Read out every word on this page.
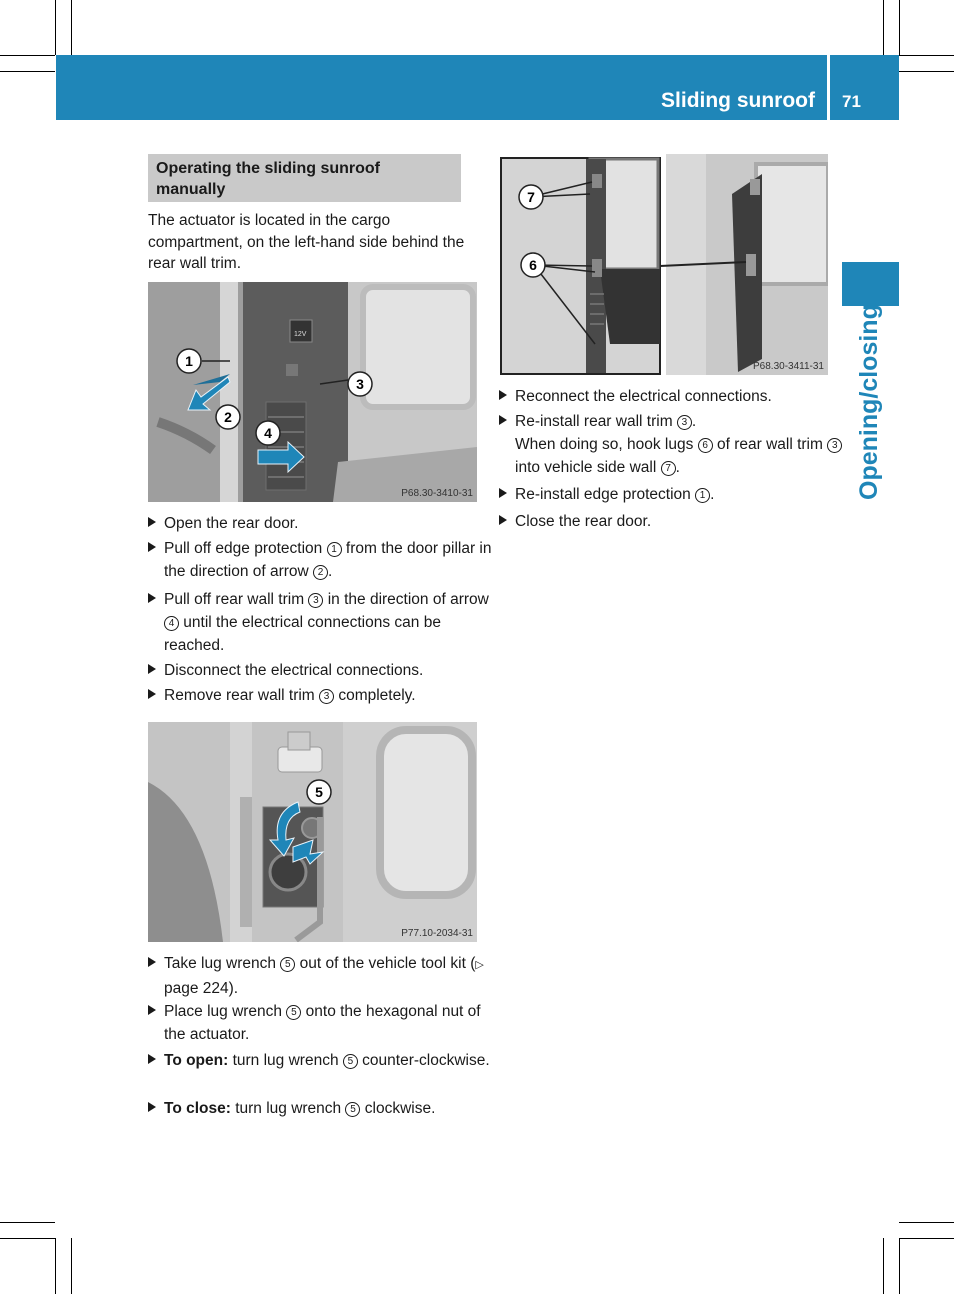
Sliding sunroof 71
Opening/closing
Operating the sliding sunroof manually

The actuator is located in the cargo compartment, on the left-hand side behind the rear wall trim.

12V
1
2
3
4
P68.30-3410-31
Open the rear door.
Pull off edge protection 1 from the door pillar in the direction of arrow 2 .
Pull off rear wall trim 3 in the direction of arrow 4 until the electrical connections can be reached.
Disconnect the electrical connections.
Remove rear wall trim 3 completely.
5
P77.10-2034-31
Take lug wrench 5 out of the vehicle tool kit (▷ page 224).
Place lug wrench 5 onto the hexagonal nut of the actuator.
To open: turn lug wrench 5 counter-clockwise.
To close: turn lug wrench 5 clockwise.
7
6
P68.30-3411-31
Reconnect the electrical connections.
Re-install rear wall trim 3 .
When doing so, hook lugs 6 of rear wall trim 3 into vehicle side wall 7 .
Re-install edge protection 1 .
Close the rear door.
